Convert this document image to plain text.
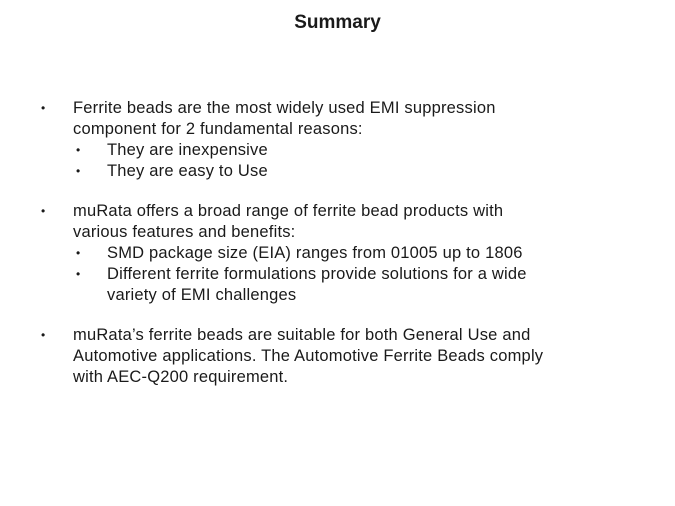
Summary
• Ferrite beads are the most widely used EMI suppression
component for 2 fundamental reasons:
• They are inexpensive
• They are easy to Use
• muRata offers a broad range of ferrite bead products with
various features and benefits:
• SMD package size (EIA) ranges from 01005 up to 1806
• Different ferrite formulations provide solutions for a wide
variety of EMI challenges
• muRata’s ferrite beads are suitable for both General Use and
Automotive applications. The Automotive Ferrite Beads comply
with AEC-Q200 requirement.
